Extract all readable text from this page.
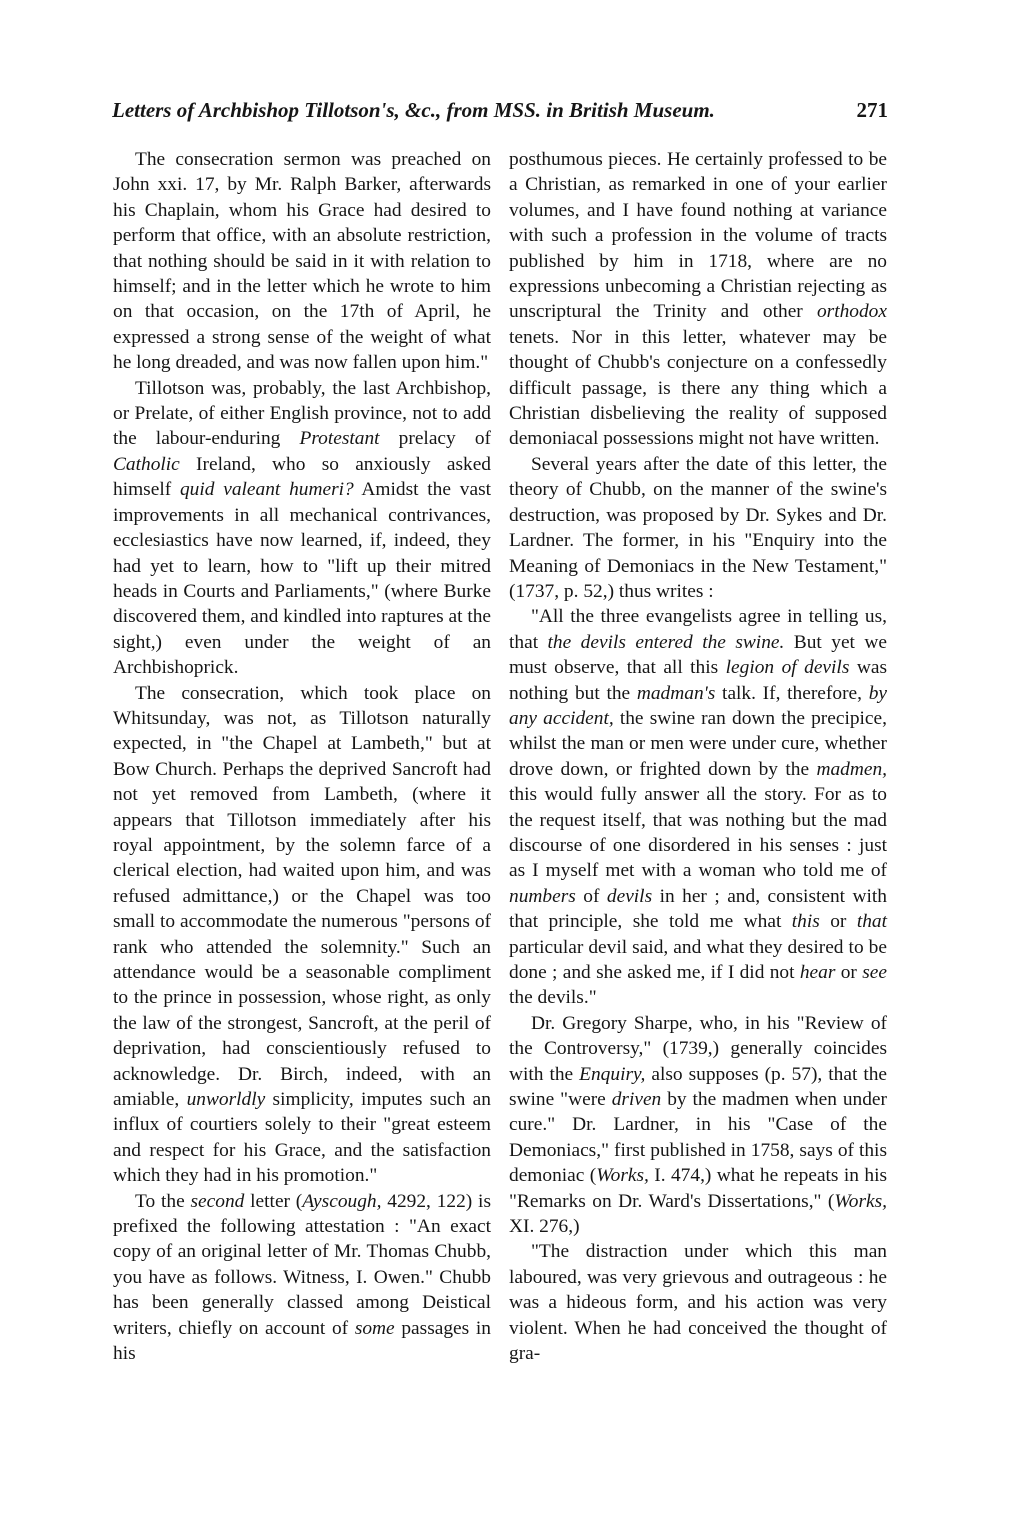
Letters of Archbishop Tillotson's, &c., from MSS. in British Museum.	271

The consecration sermon was preached on John xxi. 17, by Mr. Ralph Barker, afterwards his Chaplain, whom his Grace had desired to perform that office, with an absolute restriction, that nothing should be said in it with relation to himself; and in the letter which he wrote to him on that occasion, on the 17th of April, he expressed a strong sense of the weight of what he long dreaded, and was now fallen upon him."

Tillotson was, probably, the last Archbishop, or Prelate, of either English province, not to add the labour-enduring Protestant prelacy of Catholic Ireland, who so anxiously asked himself quid valeant humeri? Amidst the vast improvements in all mechanical contrivances, ecclesiastics have now learned, if, indeed, they had yet to learn, how to "lift up their mitred heads in Courts and Parliaments," (where Burke discovered them, and kindled into raptures at the sight,) even under the weight of an Archbishoprick.

The consecration, which took place on Whitsunday, was not, as Tillotson naturally expected, in "the Chapel at Lambeth," but at Bow Church. Perhaps the deprived Sancroft had not yet removed from Lambeth, (where it appears that Tillotson immediately after his royal appointment, by the solemn farce of a clerical election, had waited upon him, and was refused admittance,) or the Chapel was too small to accommodate the numerous "persons of rank who attended the solemnity." Such an attendance would be a seasonable compliment to the prince in possession, whose right, as only the law of the strongest, Sancroft, at the peril of deprivation, had conscientiously refused to acknowledge. Dr. Birch, indeed, with an amiable, unworldly simplicity, imputes such an influx of courtiers solely to their "great esteem and respect for his Grace, and the satisfaction which they had in his promotion."

To the second letter (Ayscough, 4292, 122) is prefixed the following attestation : "An exact copy of an original letter of Mr. Thomas Chubb, you have as follows. Witness, I. Owen." Chubb has been generally classed among Deistical writers, chiefly on account of some passages in his

posthumous pieces. He certainly professed to be a Christian, as remarked in one of your earlier volumes, and I have found nothing at variance with such a profession in the volume of tracts published by him in 1718, where are no expressions unbecoming a Christian rejecting as unscriptural the Trinity and other orthodox tenets. Nor in this letter, whatever may be thought of Chubb's conjecture on a confessedly difficult passage, is there any thing which a Christian disbelieving the reality of supposed demoniacal possessions might not have written.

Several years after the date of this letter, the theory of Chubb, on the manner of the swine's destruction, was proposed by Dr. Sykes and Dr. Lardner. The former, in his "Enquiry into the Meaning of Demoniacs in the New Testament," (1737, p. 52,) thus writes :

"All the three evangelists agree in telling us, that the devils entered the swine. But yet we must observe, that all this legion of devils was nothing but the madman's talk. If, therefore, by any accident, the swine ran down the precipice, whilst the man or men were under cure, whether drove down, or frighted down by the madmen, this would fully answer all the story. For as to the request itself, that was nothing but the mad discourse of one disordered in his senses : just as I myself met with a woman who told me of numbers of devils in her ; and, consistent with that principle, she told me what this or that particular devil said, and what they desired to be done ; and she asked me, if I did not hear or see the devils."

Dr. Gregory Sharpe, who, in his "Review of the Controversy," (1739,) generally coincides with the Enquiry, also supposes (p. 57), that the swine "were driven by the madmen when under cure." Dr. Lardner, in his "Case of the Demoniacs," first published in 1758, says of this demoniac (Works, I. 474,) what he repeats in his "Remarks on Dr. Ward's Dissertations," (Works, XI. 276,)

"The distraction under which this man laboured, was very grievous and outrageous : he was a hideous form, and his action was very violent. When he had conceived the thought of gra-
